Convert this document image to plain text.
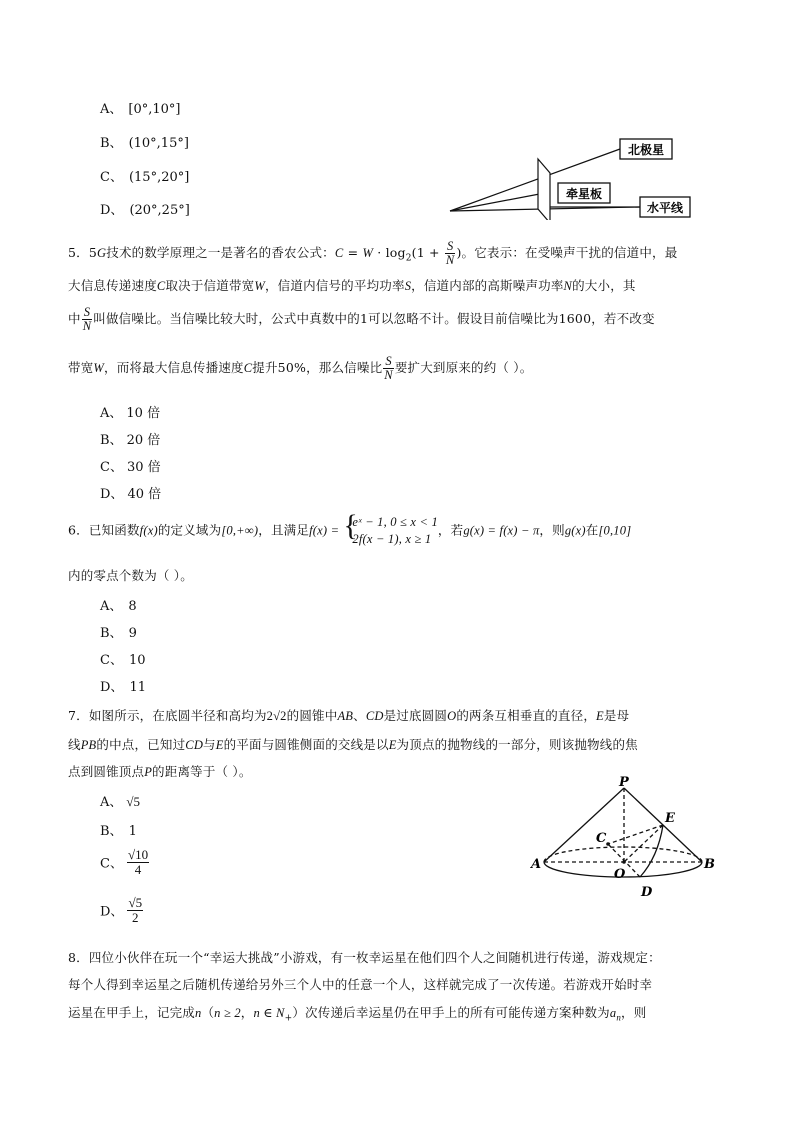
A、 [0°,10°]
B、 (10°,15°]
C、 (15°,20°]
D、 (20°,25°]
北极星
牵星板
水平线
5．5G技术的数学原理之一是著名的香农公式：$C = W \cdot \log_2(1 + \frac{S}{N}$ )。它表示：在受噪声干扰的信道中，最
大信息传递速度C取决于信道带宽W，信道内信号的平均功率S，信道内部的高斯噪声功率N的大小，其
中 $\frac{S}{N}$ 叫做信噪比。当信噪比较大时，公式中真数中的1可以忽略不计。假设目前信噪比为1600，若不改变
带宽W，而将最大信息传播速度C提升50%，那么信噪比 $\frac{S}{N}$ 要扩大到原来的约（ ）。
A、 10 倍
B、 20 倍
C、 30 倍
D、 40 倍
6．已知函数f(x)的定义域为[0,+∞)，且满足f(x) = {
eˣ − 1, 0 ≤ x < 1
2f(x − 1), x ≥ 1
，若g(x) = f(x) − π，则g(x)在[0,10]
内的零点个数为（ ）。
A、 8
B、 9
C、 10
D、 11
7．如图所示，在底圆半径和高均为2√2的圆锥中AB、CD是过底圆圆O的两条互相垂直的直径，E是母
线PB的中点，已知过CD与E的平面与圆锥侧面的交线是以E为顶点的抛物线的一部分，则该抛物线的焦
点到圆锥顶点P的距离等于（ ）。
A、 √5
B、 1
C、 $\frac{√10}{4}$
D、 $\frac{√5}{2}$
P
E
C
O
A	B
D
8．四位小伙伴在玩一个“幸运大挑战”小游戏，有一枚幸运星在他们四个人之间随机进行传递，游戏规定：
每个人得到幸运星之后随机传递给另外三个人中的任意一个人，这样就完成了一次传递。若游戏开始时幸
运星在甲手上，记完成n（n ≥ 2，n ∈ $N_+$）次传递后幸运星仍在甲手上的所有可能传递方案种数为$a_n$，则
